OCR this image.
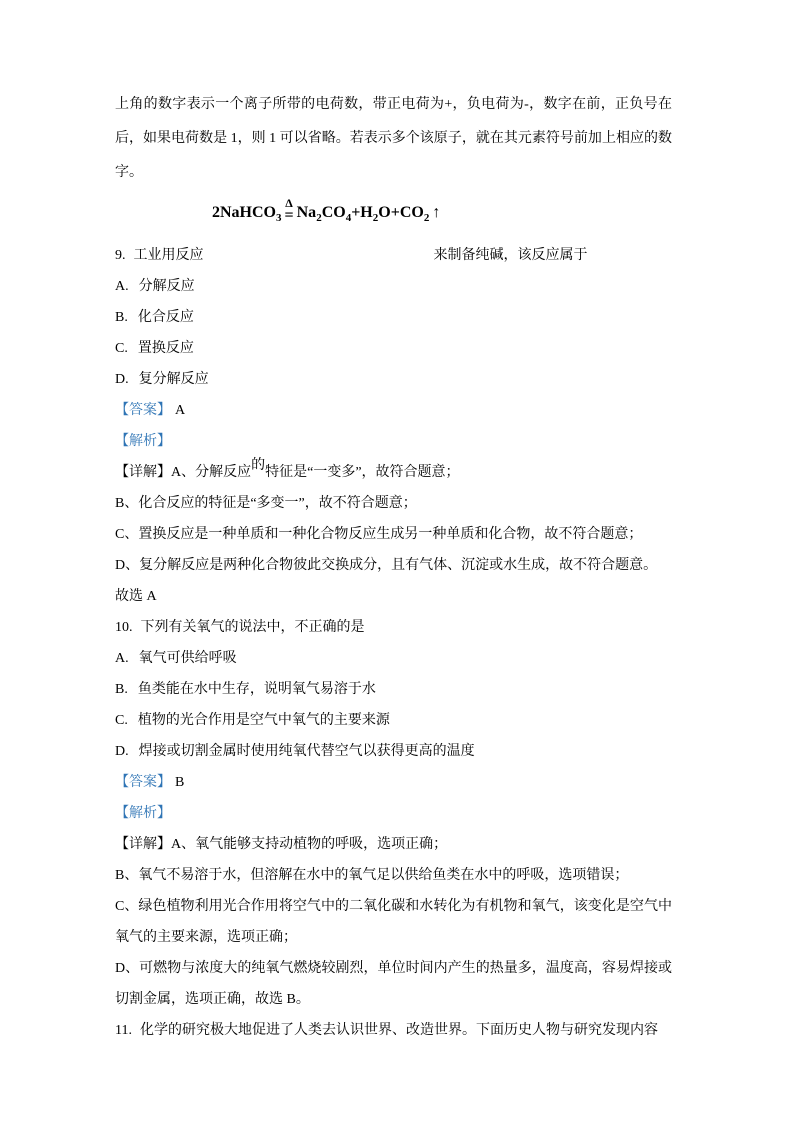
上角的数字表示一个离子所带的电荷数，带正电荷为+，负电荷为-，数字在前，正负号在后，如果电荷数是 1，则 1 可以省略。若表示多个该原子，就在其元素符号前加上相应的数字。

2NaHCO$_3$
Δ
= $Na_2CO_4+H_2O+CO_2$ ↑
9. 工业用反应	来制备纯碱，该反应属于
A. 分解反应
B. 化合反应
C. 置换反应
D. 复分解反应
【答案】 A
【解析】
【详解】A、分解反应的特征是“一变多”，故符合题意；
B、化合反应的特征是“多变一”，故不符合题意；
C、置换反应是一种单质和一种化合物反应生成另一种单质和化合物，故不符合题意；
D、复分解反应是两种化合物彼此交换成分，且有气体、沉淀或水生成，故不符合题意。
故选 A
10. 下列有关氧气的说法中，不正确的是
A. 氧气可供给呼吸
B. 鱼类能在水中生存，说明氧气易溶于水
C. 植物的光合作用是空气中氧气的主要来源
D. 焊接或切割金属时使用纯氧代替空气以获得更高的温度
【答案】 B
【解析】
【详解】A、氧气能够支持动植物的呼吸，选项正确；
B、氧气不易溶于水，但溶解在水中的氧气足以供给鱼类在水中的呼吸，选项错误；
C、绿色植物利用光合作用将空气中的二氧化碳和水转化为有机物和氧气，该变化是空气中氧气的主要来源，选项正确；
D、可燃物与浓度大的纯氧气燃烧较剧烈，单位时间内产生的热量多，温度高，容易焊接或切割金属，选项正确，故选 B。
11. 化学的研究极大地促进了人类去认识世界、改造世界。下面历史人物与研究发现内容
